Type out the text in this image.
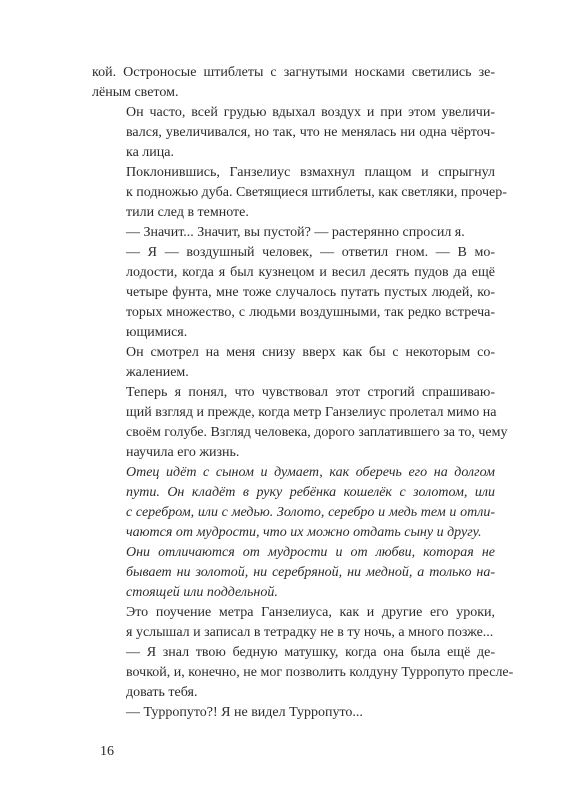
кой. Остроносые штиблеты с загнутыми носками светились зе-
лёным светом.
Он часто, всей грудью вдыхал воздух и при этом увеличи-
вался, увеличивался, но так, что не менялась ни одна чёрточ-
ка лица.
Поклонившись, Ганзелиус взмахнул плащом и спрыгнул
к подножью дуба. Светящиеся штиблеты, как светляки, прочер-
тили след в темноте.
— Значит... Значит, вы пустой? — растерянно спросил я.
— Я — воздушный человек, — ответил гном. — В мо-
лодости, когда я был кузнецом и весил десять пудов да ещё
четыре фунта, мне тоже случалось путать пустых людей, ко-
торых множество, с людьми воздушными, так редко встреча-
ющимися.
Он смотрел на меня снизу вверх как бы с некоторым со-
жалением.
Теперь я понял, что чувствовал этот строгий спрашиваю-
щий взгляд и прежде, когда метр Ганзелиус пролетал мимо на
своём голубе. Взгляд человека, дорого заплатившего за то, чему
научила его жизнь.
Отец идёт с сыном и думает, как оберечь его на долгом
пути. Он кладёт в руку ребёнка кошелёк с золотом, или
с серебром, или с медью. Золото, серебро и медь тем и отли-
чаются от мудрости, что их можно отдать сыну и другу.
Они отличаются от мудрости и от любви, которая не
бывает ни золотой, ни серебряной, ни медной, а только на-
стоящей или поддельной.
Это поучение метра Ганзелиуса, как и другие его уроки,
я услышал и записал в тетрадку не в ту ночь, а много позже...
— Я знал твою бедную матушку, когда она была ещё де-
вочкой, и, конечно, не мог позволить колдуну Турропуто пресле-
довать тебя.
— Турропуто?! Я не видел Турропуто...
16
